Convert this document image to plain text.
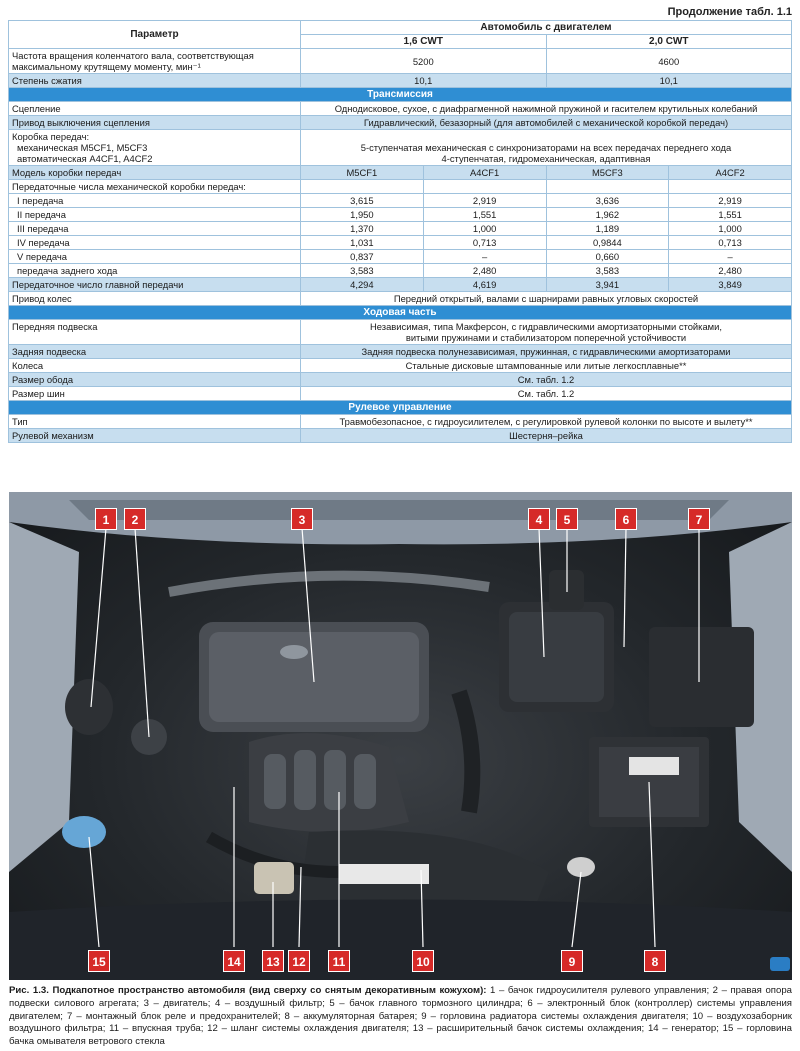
Продолжение табл. 1.1
Параметр	Автомобиль с двигателем			
	1,6 CWT		2,0 CWT	
Частота вращения коленчатого вала, соответствующая максимальному крутящему моменту, мин⁻¹	5200		4600	
Степень сжатия	10,1		10,1	
Трансмиссия				
Сцепление	Однодисковое, сухое, с диафрагменной нажимной пружиной и гасителем крутильных колебаний			
Привод выключения сцепления	Гидравлический, безазорный (для автомобилей с механической коробкой передач)			

Коробка передач:
механическая M5CF1, M5CF3
автоматическая A4CF1, A4CF2	5-ступенчатая механическая с синхронизаторами на всех передачах переднего хода
4-ступенчатая, гидромеханическая, адаптивная			

Модель коробки передач	M5CF1	A4CF1	M5CF3	A4CF2
Передаточные числа механической коробки передач:				
I передача	3,615	2,919	3,636	2,919
II передача	1,950	1,551	1,962	1,551
III передача	1,370	1,000	1,189	1,000
IV передача	1,031	0,713	0,9844	0,713
V передача	0,837	–	0,660	–
передача заднего хода	3,583	2,480	3,583	2,480
Передаточное число главной передачи	4,294	4,619	3,941	3,849
Привод колес	Передний открытый, валами с шарнирами равных угловых скоростей			
Ходовая часть				
Передняя подвеска	Независимая, типа Макферсон, с гидравлическими амортизаторными стойками,
витыми пружинами и стабилизатором поперечной устойчивости			

Задняя подвеска	Задняя подвеска полунезависимая, пружинная, с гидравлическими амортизаторами			
Колеса	Стальные дисковые штампованные или литые легкосплавные**			
Размер обода	См. табл. 1.2			
Размер шин	См. табл. 1.2			
Рулевое управление				
Тип	Травмобезопасное, с гидроусилителем, с регулировкой рулевой колонки по высоте и вылету**			
Рулевой механизм	Шестерня–рейка			
1	2	3	4	5	6	7
8
9
10
11
12
13
14
15
Рис. 1.3. Подкапотное пространство автомобиля (вид сверху со снятым декоративным кожухом): 1 – бачок гидроусилителя рулевого управления; 2 – правая опора подвески силового агрегата; 3 – двигатель; 4 – воздушный фильтр; 5 – бачок главного тормозного цилиндра; 6 – электронный блок (контроллер) системы управления двигателем; 7 – монтажный блок реле и предохранителей; 8 – аккумуляторная батарея; 9 – горловина радиатора системы охлаждения двигателя; 10 – воздухозаборник воздушного фильтра; 11 – впускная труба; 12 – шланг системы охлаждения двигателя; 13 – расширительный бачок системы охлаждения; 14 – генератор; 15 – горловина бачка омывателя ветрового стекла
